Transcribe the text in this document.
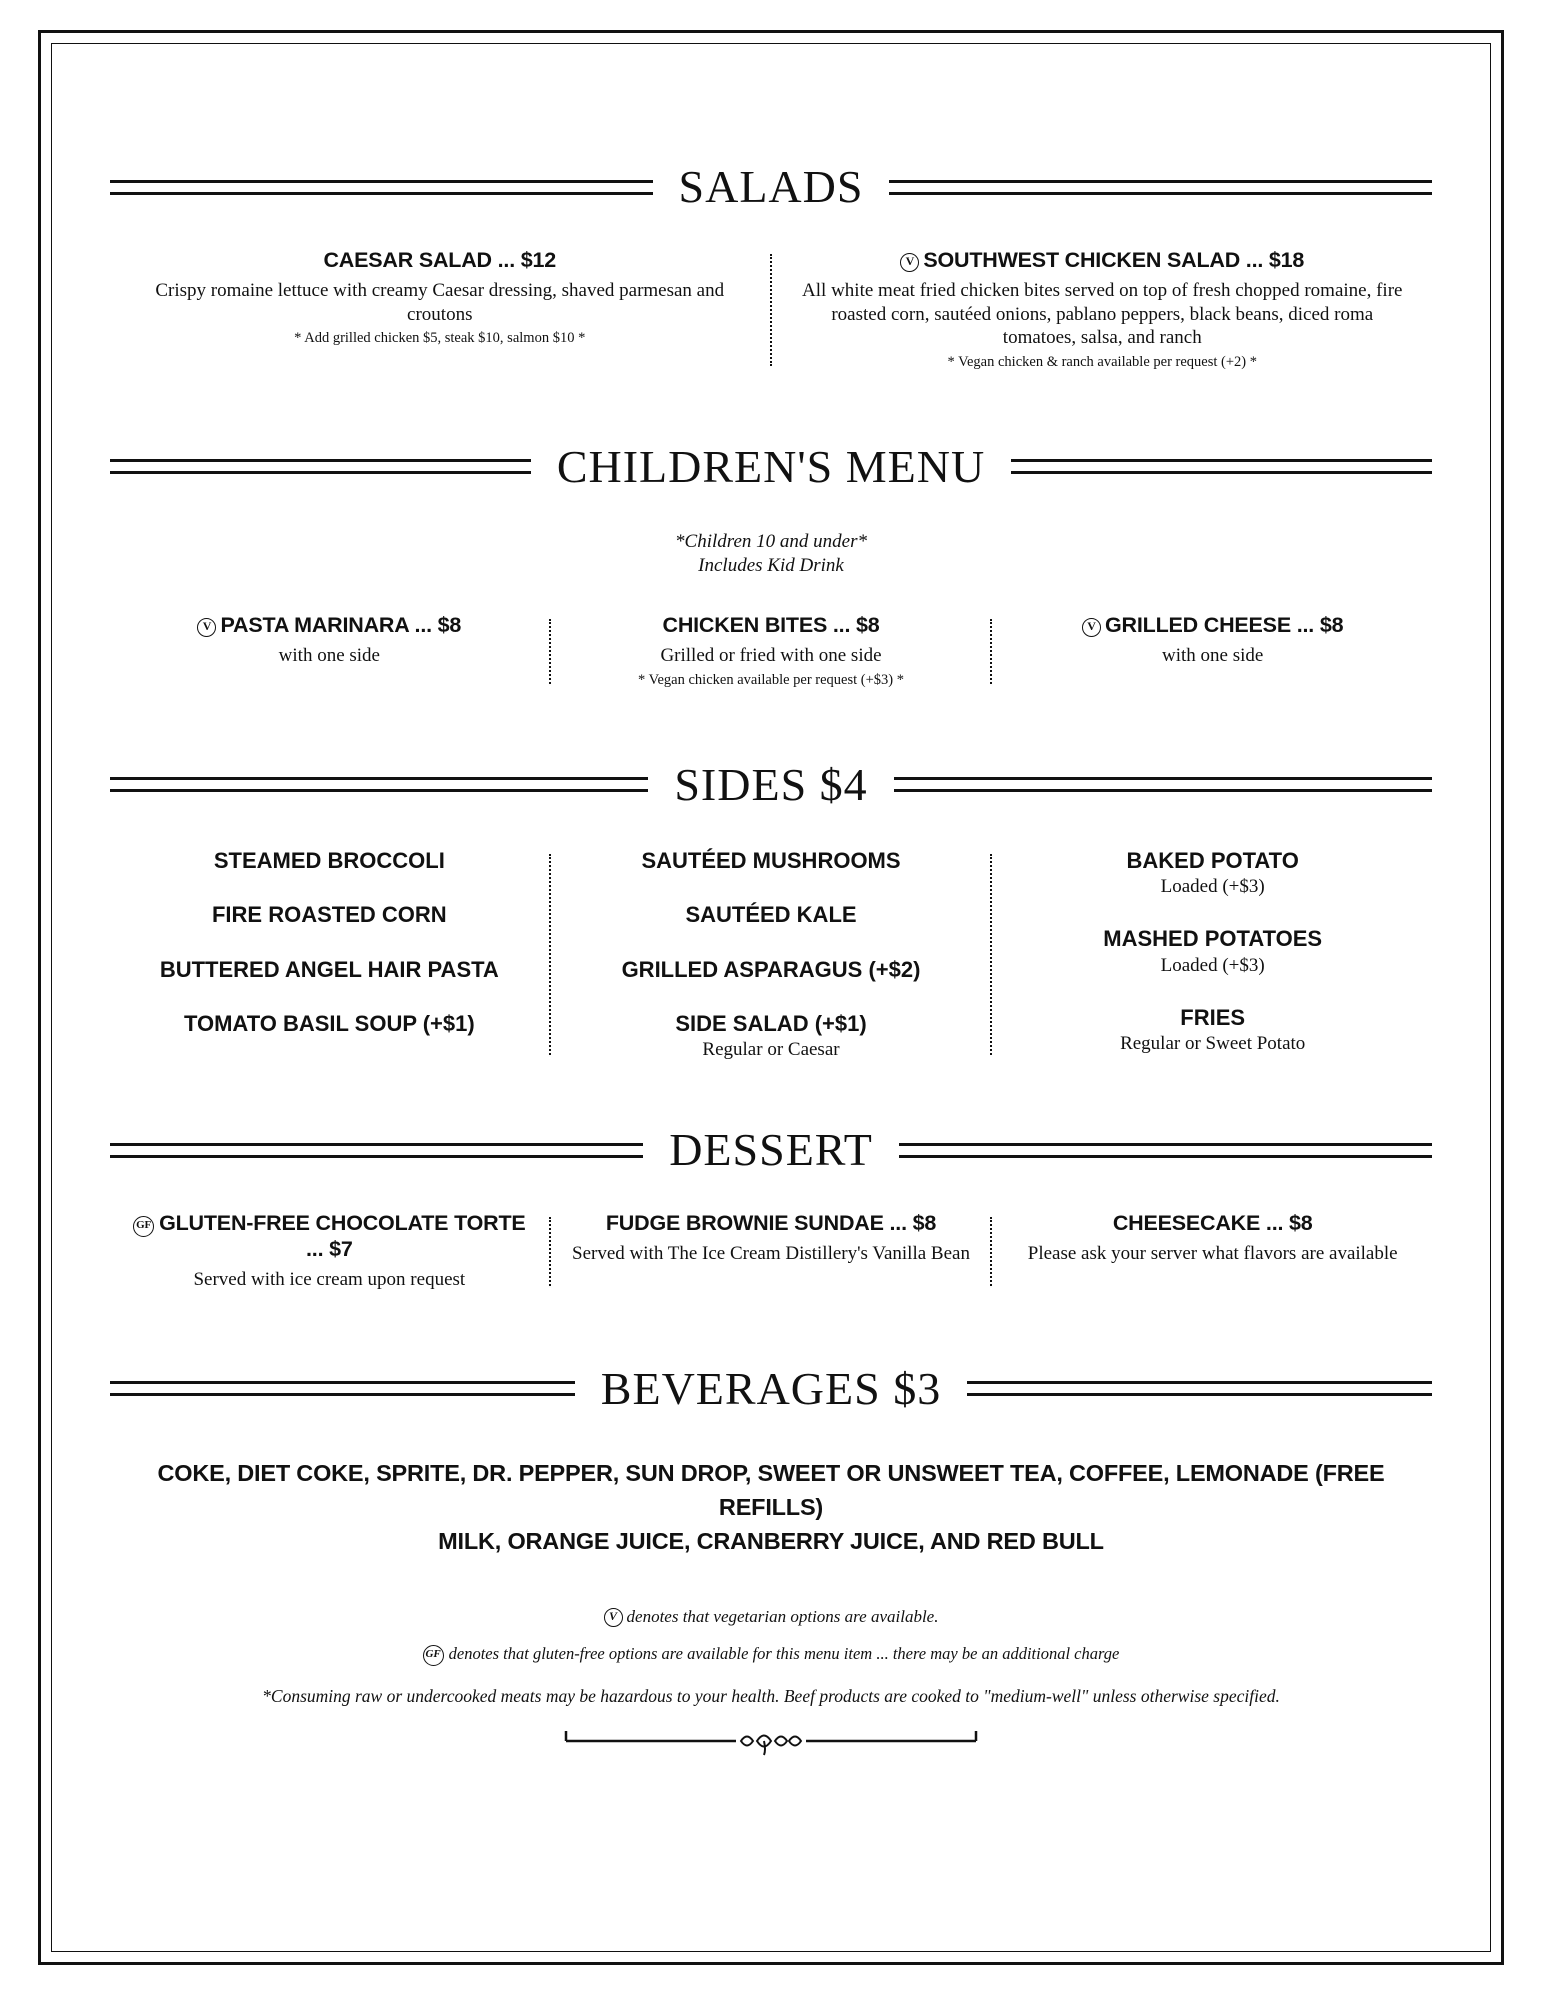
SALADS

CAESAR SALAD ... $12

Crispy romaine lettuce with creamy Caesar dressing, shaved parmesan and croutons

* Add grilled chicken $5, steak $10, salmon $10 *

V SOUTHWEST CHICKEN SALAD ... $18

All white meat fried chicken bites served on top of fresh chopped romaine, fire roasted corn, sautéed onions, pablano peppers, black beans, diced roma tomatoes, salsa, and ranch

* Vegan chicken & ranch available per request (+2) *

CHILDREN'S MENU
*Children 10 and under*
Includes Kid Drink

V PASTA MARINARA ... $8

with one side

CHICKEN BITES ... $8

Grilled or fried with one side

* Vegan chicken available per request (+$3) *

V GRILLED CHEESE ... $8

with one side

SIDES $4

STEAMED BROCCOLI

FIRE ROASTED CORN

BUTTERED ANGEL HAIR PASTA

TOMATO BASIL SOUP (+$1)

SAUTÉED MUSHROOMS

SAUTÉED KALE

GRILLED ASPARAGUS (+$2)

SIDE SALAD (+$1)

Regular or Caesar

BAKED POTATO

Loaded (+$3)

MASHED POTATOES

Loaded (+$3)

FRIES

Regular or Sweet Potato

DESSERT

GF GLUTEN-FREE CHOCOLATE TORTE ... $7

Served with ice cream upon request

FUDGE BROWNIE SUNDAE ... $8

Served with The Ice Cream Distillery's Vanilla Bean

CHEESECAKE ... $8

Please ask your server what flavors are available

BEVERAGES $3
COKE, DIET COKE, SPRITE, DR. PEPPER, SUN DROP, SWEET OR UNSWEET TEA, COFFEE, LEMONADE (FREE REFILLS)
MILK, ORANGE JUICE, CRANBERRY JUICE, AND RED BULL

V denotes that vegetarian options are available.

GF denotes that gluten-free options are available for this menu item ... there may be an additional charge

*Consuming raw or undercooked meats may be hazardous to your health. Beef products are cooked to "medium-well" unless otherwise specified.
